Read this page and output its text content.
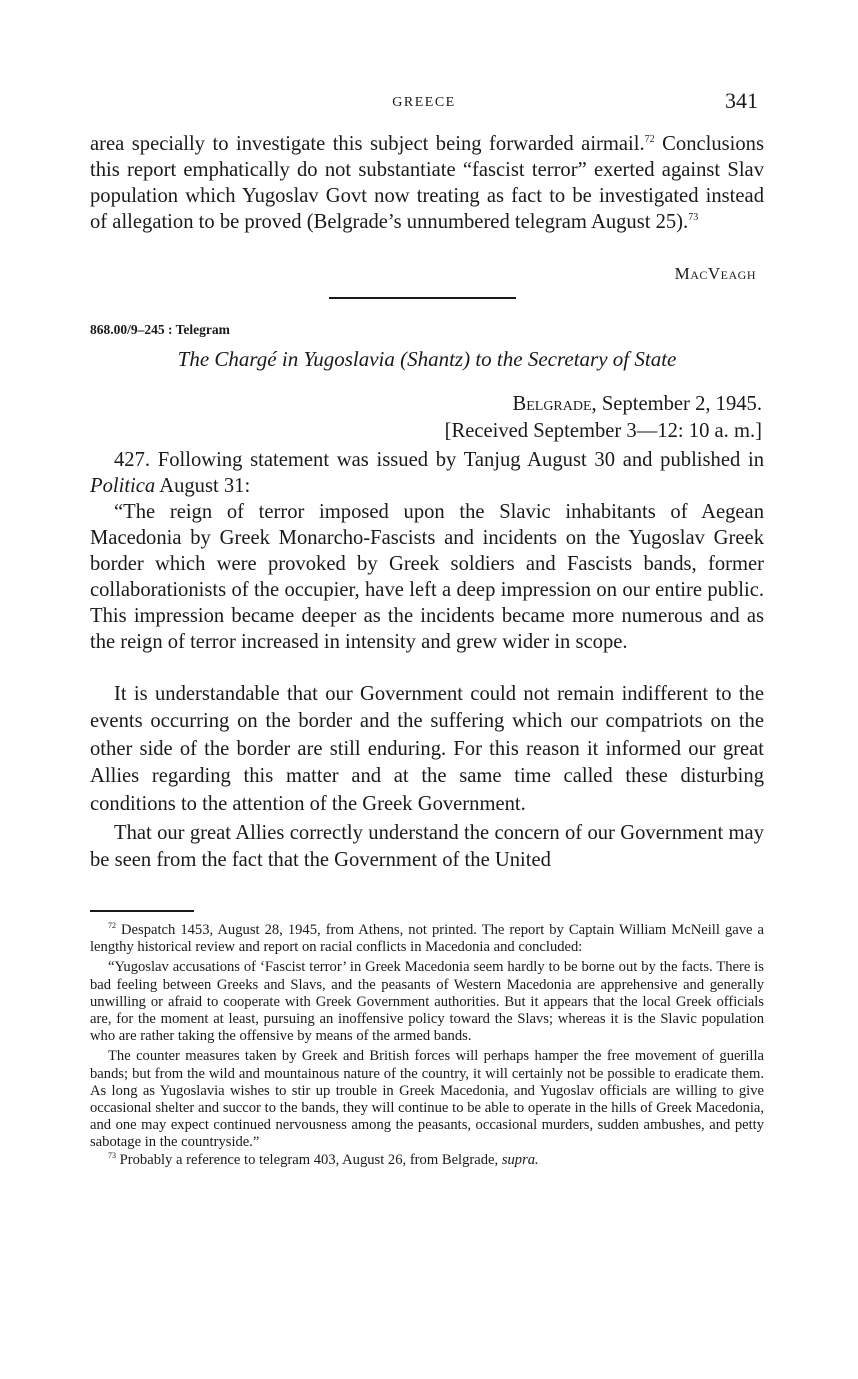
GREECE	341

area specially to investigate this subject being forwarded airmail.$^{72}$ Conclusions this report emphatically do not substantiate “fascist terror” exerted against Slav population which Yugoslav Govt now treating as fact to be investigated instead of allegation to be proved (Belgrade’s unnumbered telegram August 25).$^{73}$

MacVeagh
868.00/9–245 : Telegram
The Chargé in Yugoslavia (Shantz) to the Secretary of State
Belgrade, September 2, 1945.
[Received September 3—12: 10 a. m.]

427. Following statement was issued by Tanjug August 30 and published in Politica August 31:

“The reign of terror imposed upon the Slavic inhabitants of Aegean Macedonia by Greek Monarcho-Fascists and incidents on the Yugoslav Greek border which were provoked by Greek soldiers and Fascists bands, former collaborationists of the occupier, have left a deep impression on our entire public. This impression became deeper as the incidents became more numerous and as the reign of terror increased in intensity and grew wider in scope.

It is understandable that our Government could not remain indifferent to the events occurring on the border and the suffering which our compatriots on the other side of the border are still enduring. For this reason it informed our great Allies regarding this matter and at the same time called these disturbing conditions to the attention of the Greek Government.

That our great Allies correctly understand the concern of our Government may be seen from the fact that the Government of the United

$^{72}$ Despatch 1453, August 28, 1945, from Athens, not printed. The report by Captain William McNeill gave a lengthy historical review and report on racial conflicts in Macedonia and concluded:

“Yugoslav accusations of ‘Fascist terror’ in Greek Macedonia seem hardly to be borne out by the facts. There is bad feeling between Greeks and Slavs, and the peasants of Western Macedonia are apprehensive and generally unwilling or afraid to cooperate with Greek Government authorities. But it appears that the local Greek officials are, for the moment at least, pursuing an inoffensive policy toward the Slavs; whereas it is the Slavic population who are rather taking the offensive by means of the armed bands.

The counter measures taken by Greek and British forces will perhaps hamper the free movement of guerilla bands; but from the wild and mountainous nature of the country, it will certainly not be possible to eradicate them. As long as Yugoslavia wishes to stir up trouble in Greek Macedonia, and Yugoslav officials are willing to give occasional shelter and succor to the bands, they will continue to be able to operate in the hills of Greek Macedonia, and one may expect continued nervousness among the peasants, occasional murders, sudden ambushes, and petty sabotage in the countryside.”

$^{73}$ Probably a reference to telegram 403, August 26, from Belgrade, supra.
